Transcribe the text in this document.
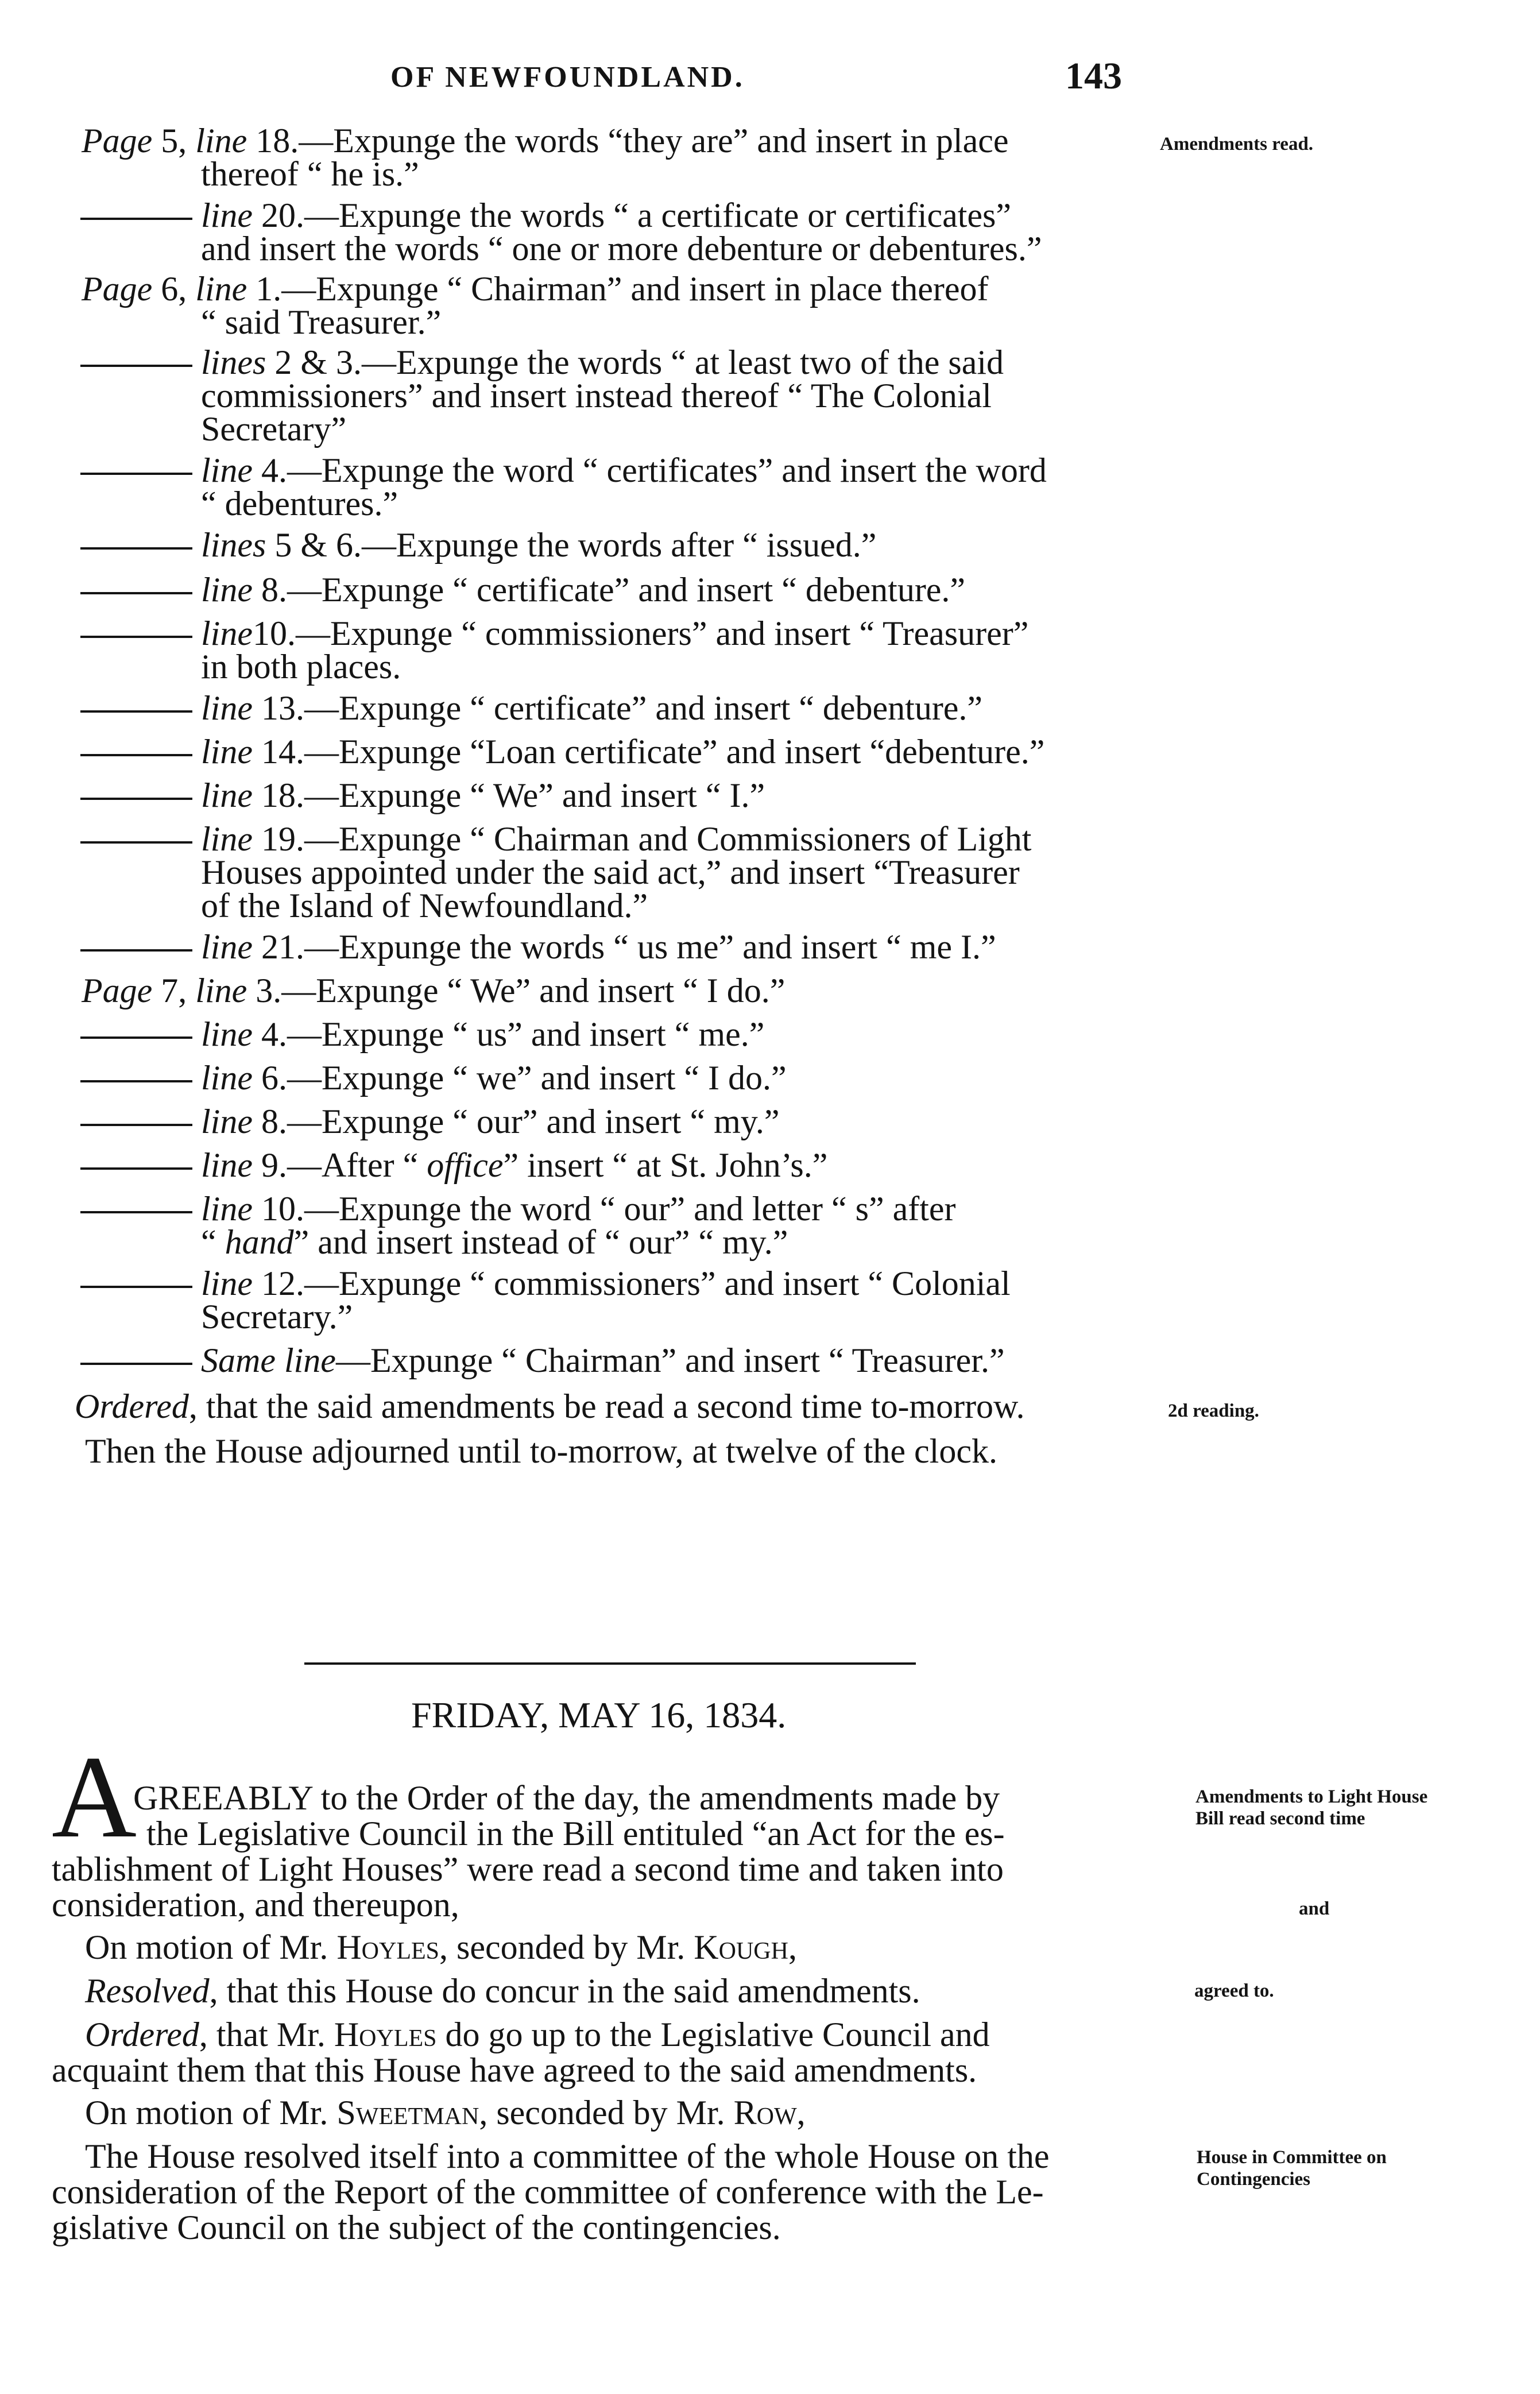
OF NEWFOUNDLAND.	143
Page 5, line 18.—Expunge the words “they are” and insert in place
thereof “ he is.”
line 20.—Expunge the words “ a certificate or certificates”
and insert the words “ one or more debenture or debentures.”
Page 6, line 1.—Expunge “ Chairman” and insert in place thereof
“ said Treasurer.”
lines 2 & 3.—Expunge the words “ at least two of the said
commissioners” and insert instead thereof “ The Colonial
Secretary”
line 4.—Expunge the word “ certificates” and insert the word
“ debentures.”
lines 5 & 6.—Expunge the words after “ issued.”
line 8.—Expunge “ certificate” and insert “ debenture.”
line10.—Expunge “ commissioners” and insert “ Treasurer”
in both places.
line 13.—Expunge “ certificate” and insert “ debenture.”
line 14.—Expunge “Loan certificate” and insert “debenture.”
line 18.—Expunge “ We” and insert “ I.”
line 19.—Expunge “ Chairman and Commissioners of Light
Houses appointed under the said act,” and insert “Treasurer
of the Island of Newfoundland.”
line 21.—Expunge the words “ us me” and insert “ me I.”
Page 7, line 3.—Expunge “ We” and insert “ I do.”
line 4.—Expunge “ us” and insert “ me.”
line 6.—Expunge “ we” and insert “ I do.”
line 8.—Expunge “ our” and insert “ my.”
line 9.—After “ office” insert “ at St. John’s.”
line 10.—Expunge the word “ our” and letter “ s” after
“ hand” and insert instead of “ our” “ my.”
line 12.—Expunge “ commissioners” and insert “ Colonial
Secretary.”
Same line—Expunge “ Chairman” and insert “ Treasurer.”
Ordered, that the said amendments be read a second time to-morrow.
Then the House adjourned until to-morrow, at twelve of the clock.
Amendments read.
2d reading.
FRIDAY, MAY 16, 1834.
A
GREEABLY to the Order of the day, the amendments made by
the Legislative Council in the Bill entituled “an Act for the es-
tablishment of Light Houses” were read a second time and taken into
consideration, and thereupon,
On motion of Mr. Hoyles, seconded by Mr. Kough,
Resolved, that this House do concur in the said amendments.
Ordered, that Mr. Hoyles do go up to the Legislative Council and
acquaint them that this House have agreed to the said amendments.
On motion of Mr. Sweetman, seconded by Mr. Row,
The House resolved itself into a committee of the whole House on the
consideration of the Report of the committee of conference with the Le-
gislative Council on the subject of the contingencies.
Amendments to Light House Bill read second time
and
agreed to.
House in Committee on Contingencies
